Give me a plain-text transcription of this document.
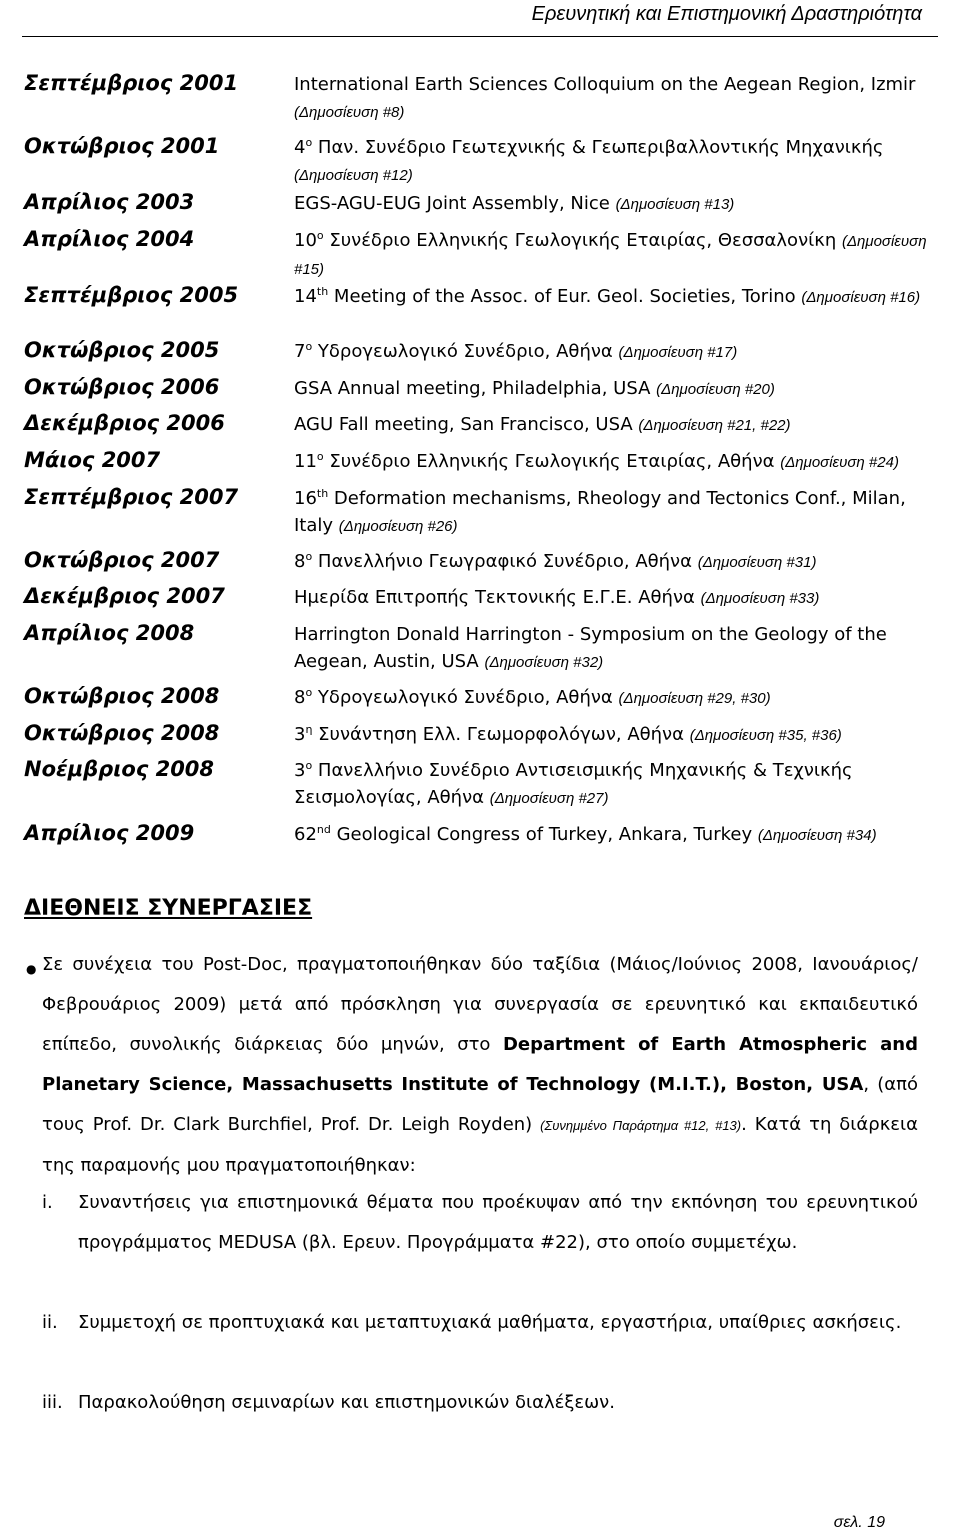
Ερευνητική και Επιστημονική Δραστηριότητα
Σεπτέμβριος 2001	International Earth Sciences Colloquium on the Aegean Region, Izmir (Δημοσίευση #8)
Οκτώβριος 2001	$4^o$ Παν. Συνέδριο Γεωτεχνικής & Γεωπεριβαλλοντικής Μηχανικής (Δημοσίευση #12)
Απρίλιος 2003	EGS-AGU-EUG Joint Assembly, Nice (Δημοσίευση #13)
Απρίλιος 2004	$10^o$ Συνέδριο Ελληνικής Γεωλογικής Εταιρίας, Θεσσαλονίκη (Δημοσίευση #15)
Σεπτέμβριος 2005	14th Meeting of the Assoc. of Eur. Geol. Societies, Torino (Δημοσίευση #16)
Οκτώβριος 2005	$7^o$ Υδρογεωλογικό Συνέδριο, Αθήνα (Δημοσίευση #17)
Οκτώβριος 2006	GSA Annual meeting, Philadelphia, USA (Δημοσίευση #20)
Δεκέμβριος 2006	AGU Fall meeting, San Francisco, USA (Δημοσίευση #21, #22)
Μάιος 2007	$11^o$ Συνέδριο Ελληνικής Γεωλογικής Εταιρίας, Αθήνα (Δημοσίευση #24)
Σεπτέμβριος 2007	16th Deformation mechanisms, Rheology and Tectonics Conf., Milan, Italy (Δημοσίευση #26)
Οκτώβριος 2007	$8^o$ Πανελλήνιο Γεωγραφικό Συνέδριο, Αθήνα (Δημοσίευση #31)
Δεκέμβριος 2007	Ημερίδα Επιτροπής Τεκτονικής Ε.Γ.Ε. Αθήνα (Δημοσίευση #33)
Απρίλιος 2008	Harrington Donald Harrington - Symposium on the Geology of the Aegean, Austin, USA (Δημοσίευση #32)
Οκτώβριος 2008	$8^o$ Υδρογεωλογικό Συνέδριο, Αθήνα (Δημοσίευση #29, #30)
Οκτώβριος 2008	$3^\eta$ Συνάντηση Ελλ. Γεωμορφολόγων, Αθήνα (Δημοσίευση #35, #36)
Νοέμβριος 2008	$3^o$ Πανελλήνιο Συνέδριο Αντισεισμικής Μηχανικής & Τεχνικής Σεισμολογίας, Αθήνα (Δημοσίευση #27)
Απρίλιος 2009	62nd Geological Congress of Turkey, Ankara, Turkey (Δημοσίευση #34)
ΔΙΕΘΝΕΙΣ ΣΥΝΕΡΓΑΣΙΕΣ
● Σε συνέχεια του Post-Doc, πραγματοποιήθηκαν δύο ταξίδια (Μάιος/Ιούνιος 2008, Ιανουάριος/Φεβρουάριος 2009) μετά από πρόσκληση για συνεργασία σε ερευνητικό και εκπαιδευτικό επίπεδο, συνολικής διάρκειας δύο μηνών, στο Department of Earth Atmospheric and Planetary Science, Massachusetts Institute of Technology (M.I.T.), Boston, USA, (από τους Prof. Dr. Clark Burchfiel, Prof. Dr. Leigh Royden) (Συνημμένο Παράρτημα #12, #13). Κατά τη διάρκεια της παραμονής μου πραγματοποιήθηκαν:
i. Συναντήσεις για επιστημονικά θέματα που προέκυψαν από την εκπόνηση του ερευνητικού προγράμματος MEDUSA (βλ. Ερευν. Προγράμματα #22), στο οποίο συμμετέχω.
ii. Συμμετοχή σε προπτυχιακά και μεταπτυχιακά μαθήματα, εργαστήρια, υπαίθριες ασκήσεις.
iii. Παρακολούθηση σεμιναρίων και επιστημονικών διαλέξεων.
σελ. 19
